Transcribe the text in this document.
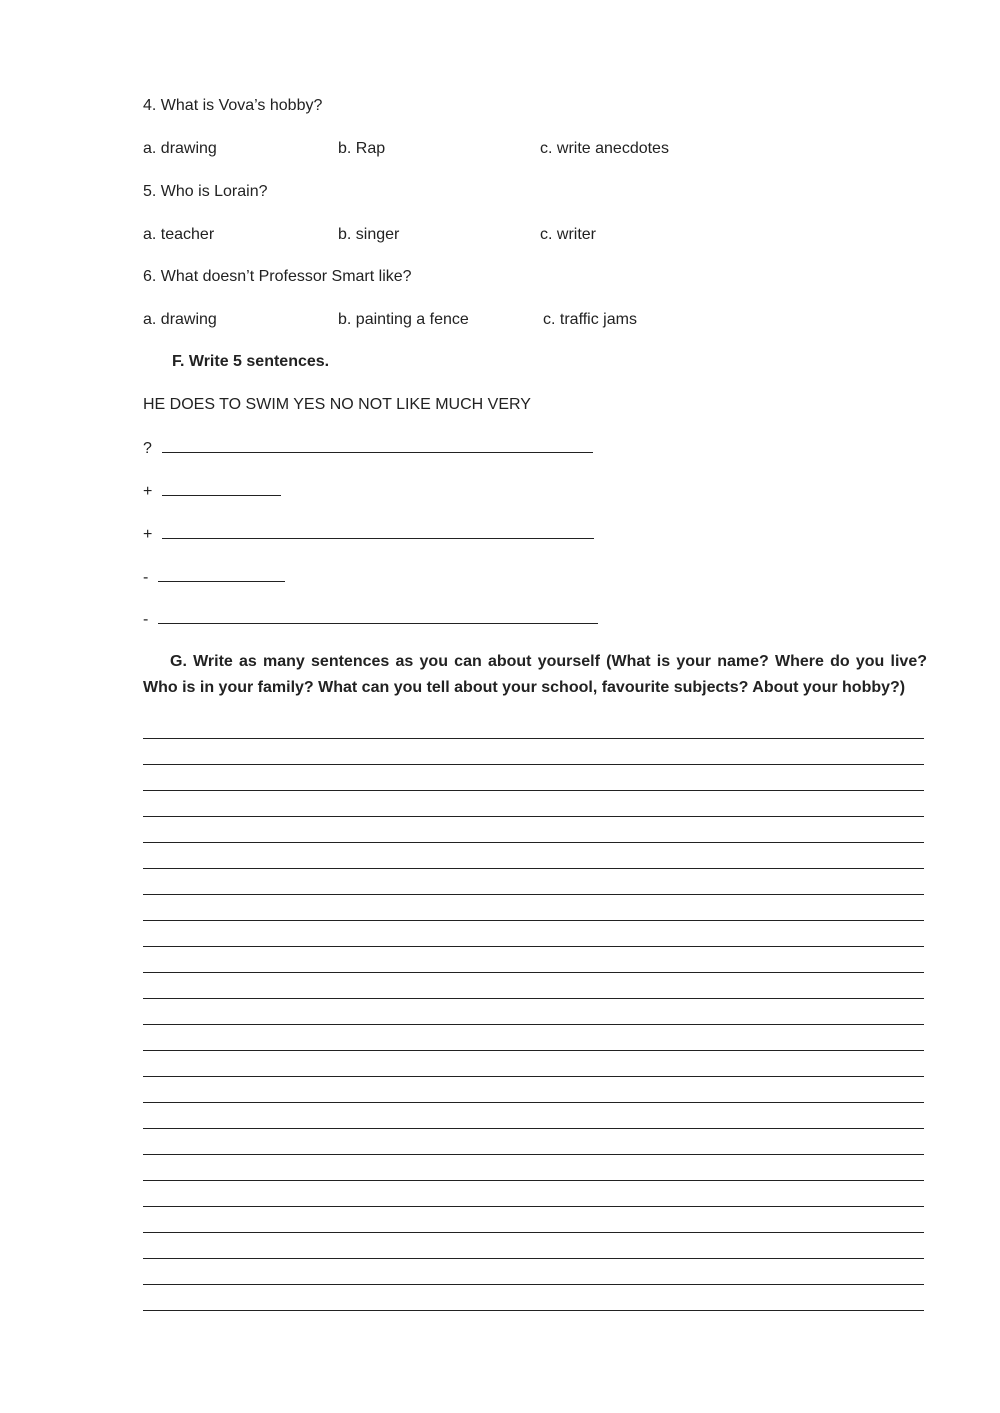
4. What is Vova’s hobby?
a. drawing	b. Rap	c. write anecdotes
5. Who is Lorain?
a. teacher	b. singer	c. writer
6. What doesn’t Professor Smart like?
a. drawing	b. painting a fence	c. traffic jams
F. Write 5 sentences.
HE DOES TO SWIM YES NO NOT LIKE MUCH VERY
?
+
+
-
-
G. Write as many sentences as you can about yourself (What is your name? Where do you live? Who is in your family? What can you tell about your school, favourite subjects? About your hobby?)
